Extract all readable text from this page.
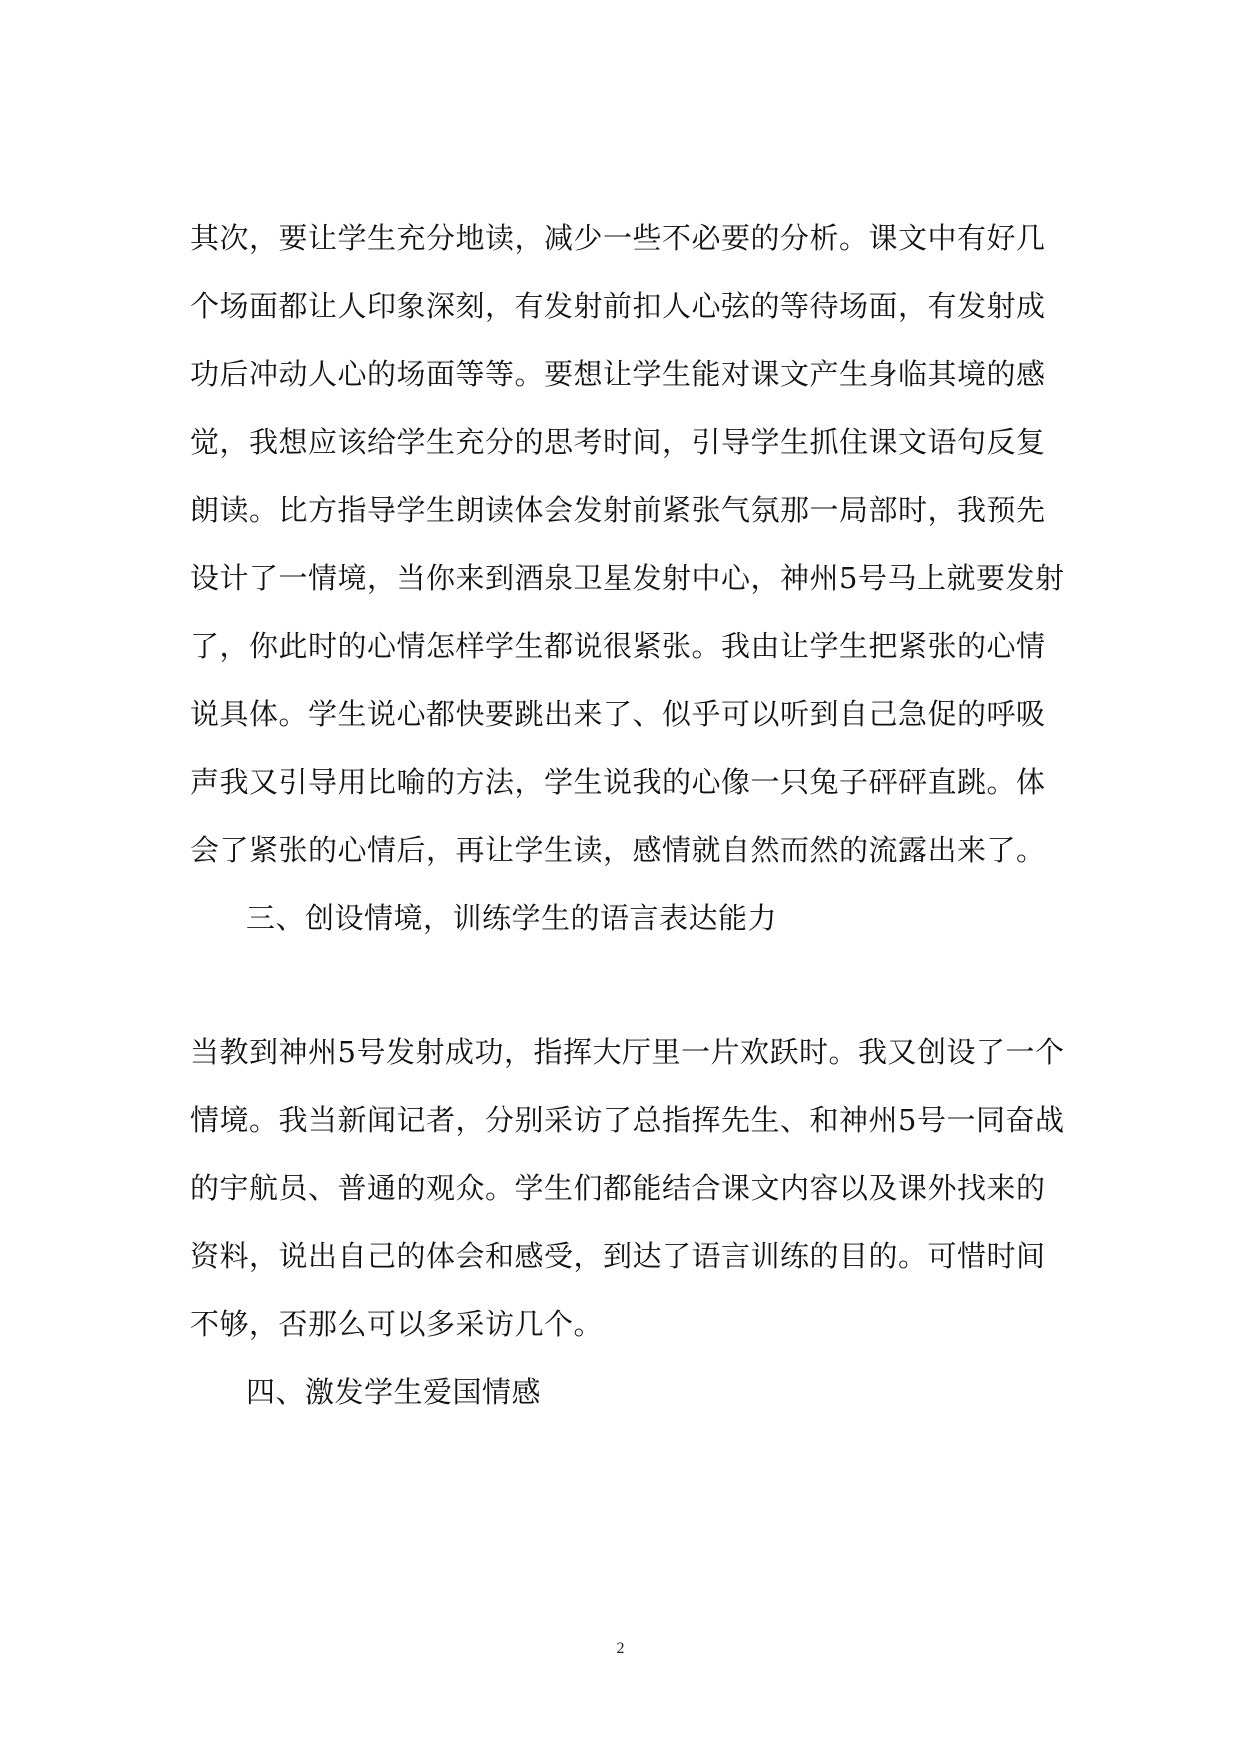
其次，要让学生充分地读，减少一些不必要的分析。课文中有好几
个场面都让人印象深刻，有发射前扣人心弦的等待场面，有发射成
功后冲动人心的场面等等。要想让学生能对课文产生身临其境的感
觉，我想应该给学生充分的思考时间，引导学生抓住课文语句反复
朗读。比方指导学生朗读体会发射前紧张气氛那一局部时，我预先
设计了一情境，当你来到酒泉卫星发射中心，神州5号马上就要发射
了，你此时的心情怎样学生都说很紧张。我由让学生把紧张的心情
说具体。学生说心都快要跳出来了、似乎可以听到自己急促的呼吸
声我又引导用比喻的方法，学生说我的心像一只兔子砰砰直跳。体
会了紧张的心情后，再让学生读，感情就自然而然的流露出来了。
三、创设情境，训练学生的语言表达能力
当教到神州5号发射成功，指挥大厅里一片欢跃时。我又创设了一个
情境。我当新闻记者，分别采访了总指挥先生、和神州5号一同奋战
的宇航员、普通的观众。学生们都能结合课文内容以及课外找来的
资料，说出自己的体会和感受，到达了语言训练的目的。可惜时间
不够，否那么可以多采访几个。
四、激发学生爱国情感
2
